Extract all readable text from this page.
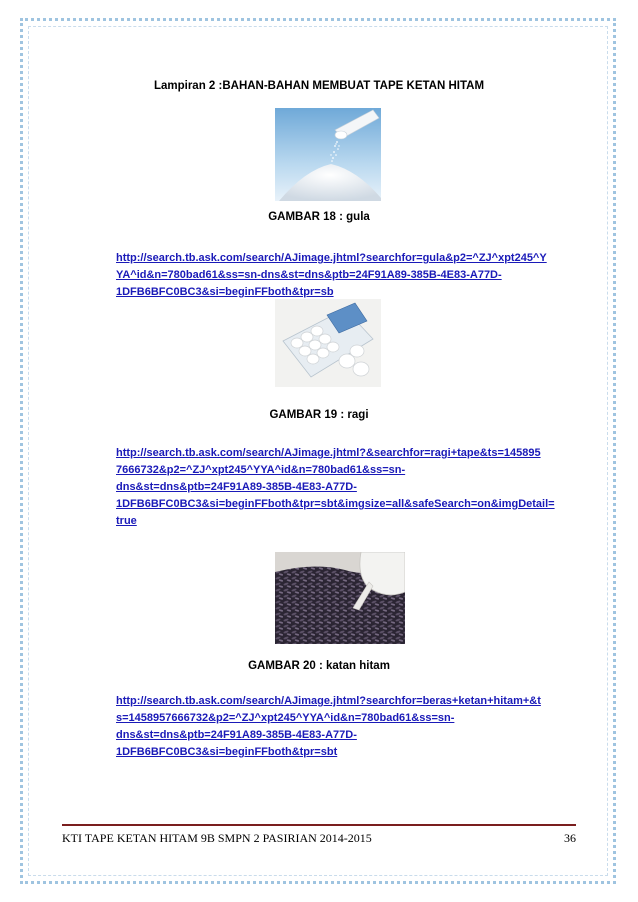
Lampiran 2 :BAHAN-BAHAN MEMBUAT TAPE KETAN HITAM
GAMBAR 18 : gula
http://search.tb.ask.com/search/AJimage.jhtml?searchfor=gula&p2=^ZJ^xpt245^Y
YA^id&n=780bad61&ss=sn-dns&st=dns&ptb=24F91A89-385B-4E83-A77D-
1DFB6BFC0BC3&si=beginFFboth&tpr=sb
GAMBAR 19 : ragi
http://search.tb.ask.com/search/AJimage.jhtml?&searchfor=ragi+tape&ts=145895
7666732&p2=^ZJ^xpt245^YYA^id&n=780bad61&ss=sn-
dns&st=dns&ptb=24F91A89-385B-4E83-A77D-
1DFB6BFC0BC3&si=beginFFboth&tpr=sbt&imgsize=all&safeSearch=on&imgDetail=
true
GAMBAR 20 : katan hitam
http://search.tb.ask.com/search/AJimage.jhtml?searchfor=beras+ketan+hitam+&t
s=1458957666732&p2=^ZJ^xpt245^YYA^id&n=780bad61&ss=sn-
dns&st=dns&ptb=24F91A89-385B-4E83-A77D-
1DFB6BFC0BC3&si=beginFFboth&tpr=sbt
KTI TAPE KETAN HITAM 9B SMPN 2 PASIRIAN 2014-2015	36
